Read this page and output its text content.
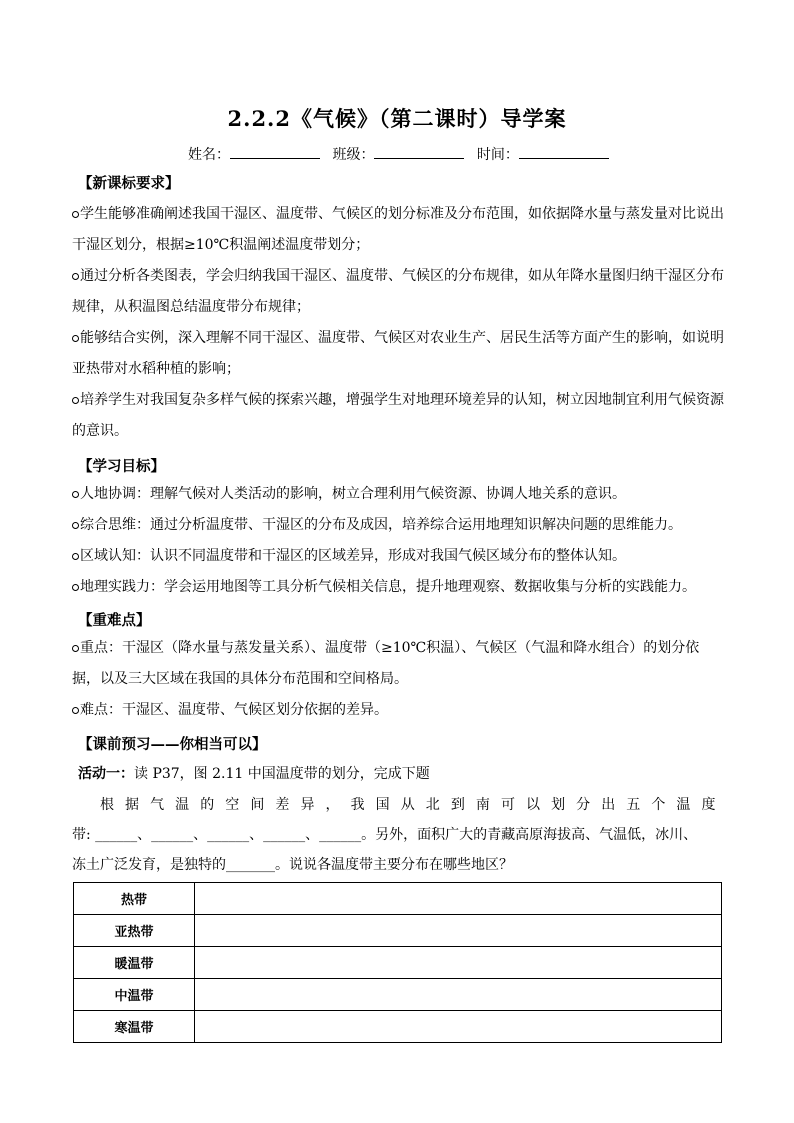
2.2.2《气候》（第二课时）导学案
姓名：	班级：	时间：
【新课标要求】
学生能够准确阐述我国干湿区、温度带、气候区的划分标准及分布范围，如依据降水量与蒸发量对比说出干湿区划分，根据≥10℃积温阐述温度带划分；
通过分析各类图表，学会归纳我国干湿区、温度带、气候区的分布规律，如从年降水量图归纳干湿区分布规律，从积温图总结温度带分布规律；
能够结合实例，深入理解不同干湿区、温度带、气候区对农业生产、居民生活等方面产生的影响，如说明亚热带对水稻种植的影响；
培养学生对我国复杂多样气候的探索兴趣，增强学生对地理环境差异的认知，树立因地制宜利用气候资源的意识。
【学习目标】
人地协调：理解气候对人类活动的影响，树立合理利用气候资源、协调人地关系的意识。
综合思维：通过分析温度带、干湿区的分布及成因，培养综合运用地理知识解决问题的思维能力。
区域认知：认识不同温度带和干湿区的区域差异，形成对我国气候区域分布的整体认知。
地理实践力：学会运用地图等工具分析气候相关信息，提升地理观察、数据收集与分析的实践能力。
【重难点】
重点：干湿区（降水量与蒸发量关系）、温度带（≥10℃积温）、气候区（气温和降水组合）的划分依据，以及三大区域在我国的具体分布范围和空间格局。
难点：干湿区、温度带、气候区划分依据的差异。
【课前预习——你相当可以】
活动一：读 P37，图 2.11 中国温度带的划分，完成下题
根据气温的空间差异，我国从北到南可以划分出五个温度
带: ______、______、______、______、______。另外，面积广大的青藏高原海拔高、气温低，冰川、
冻土广泛发育，是独特的_______。说说各温度带主要分布在哪些地区？
热带	
亚热带	
暖温带	
中温带	
寒温带	
